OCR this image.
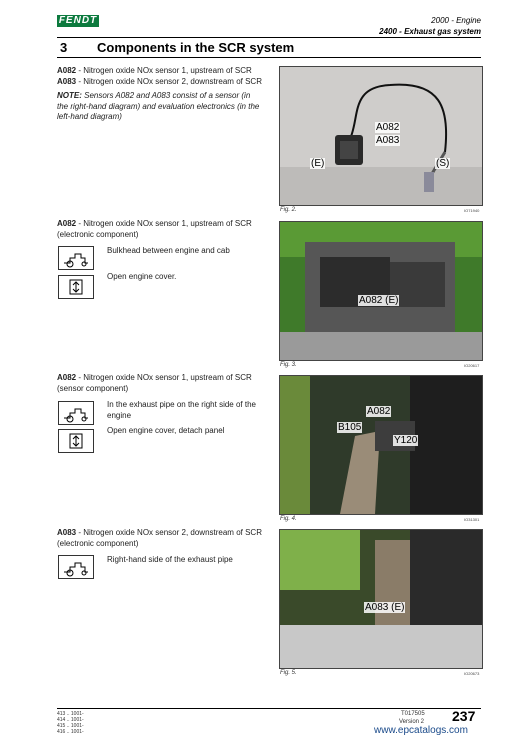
FENDT	2000 - Engine
2400 - Exhaust gas system
3 Components in the SCR system
A082 - Nitrogen oxide NOx sensor 1, upstream of SCR
A083 - Nitrogen oxide NOx sensor 2, downstream of SCR
NOTE: Sensors A082 and A083 consist of a sensor (in the right-hand diagram) and evaluation electronics (in the left-hand diagram)
A082
A083
(E)	(S)
Fig. 2.	IO71940
A082 - Nitrogen oxide NOx sensor 1, upstream of SCR (electronic component)
Bulkhead between engine and cab
Open engine cover.
A082 (E)
Fig. 3.	IO20617
A082 - Nitrogen oxide NOx sensor 1, upstream of SCR (sensor component)
In the exhaust pipe on the right side of the engine
Open engine cover, detach panel
A082
B105
Y120
Fig. 4.	IO31301
A083 - Nitrogen oxide NOx sensor 2, downstream of SCR (electronic component)
Right-hand side of the exhaust pipe
A083 (E)
Fig. 5.	IO20673
413 .. 1001-
414 .. 1001-
415 .. 1001-
416 .. 1001-
T017505
Version 2 237
www.epcatalogs.com
